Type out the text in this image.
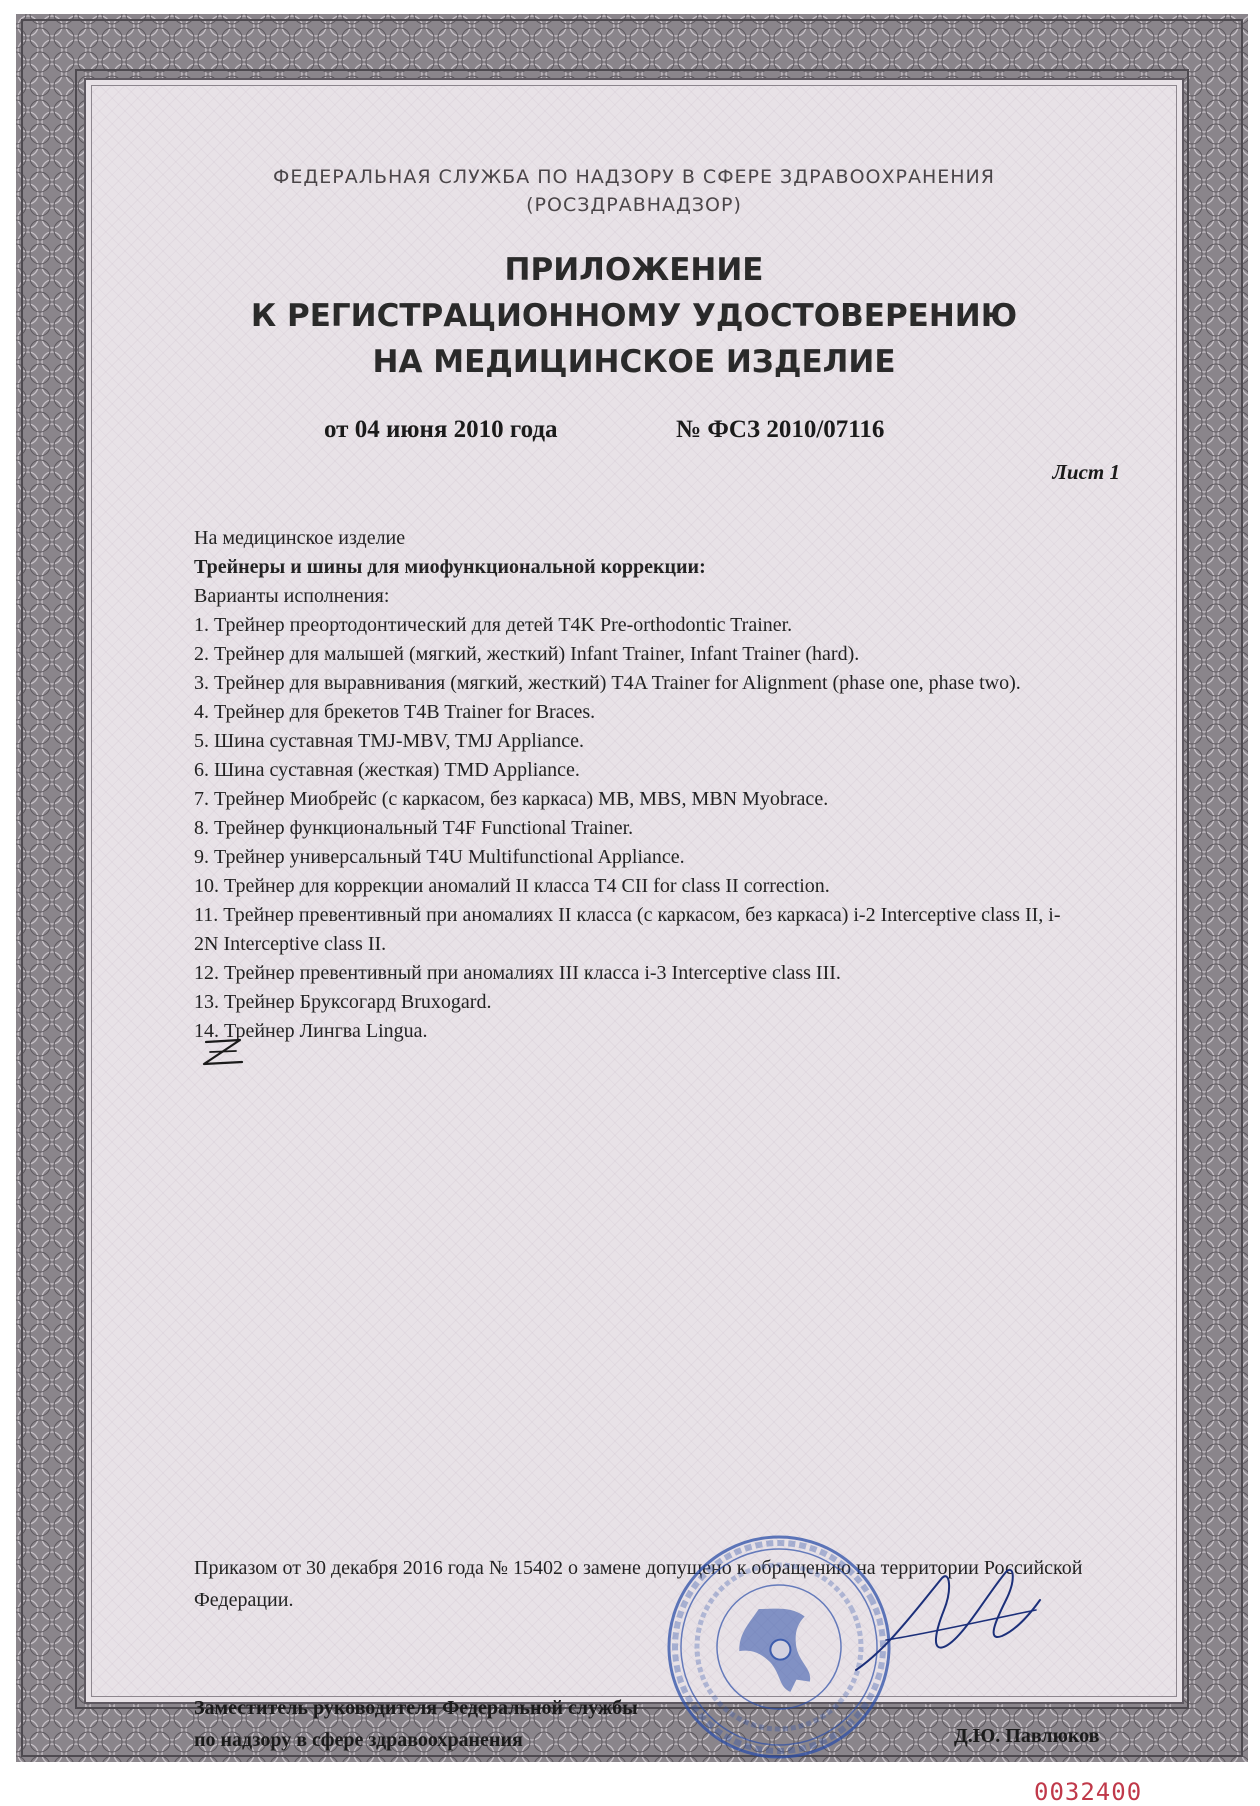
ФЕДЕРАЛЬНАЯ СЛУЖБА ПО НАДЗОРУ В СФЕРЕ ЗДРАВООХРАНЕНИЯ
(РОСЗДРАВНАДЗОР)
ПРИЛОЖЕНИЕ
К РЕГИСТРАЦИОННОМУ УДОСТОВЕРЕНИЮ
НА МЕДИЦИНСКОЕ ИЗДЕЛИЕ
от 04 июня 2010 года	№ ФСЗ 2010/07116
Лист 1
На медицинское изделие
Трейнеры и шины для миофункциональной коррекции:
Варианты исполнения:
1. Трейнер преортодонтический для детей T4K Pre-orthodontic Trainer.
2. Трейнер для малышей (мягкий, жесткий) Infant Trainer, Infant Trainer (hard).
3. Трейнер для выравнивания (мягкий, жесткий) T4A Trainer for Alignment (phase one, phase two).
4. Трейнер для брекетов T4B Trainer for Braces.
5. Шина суставная TMJ-MBV, TMJ Appliance.
6. Шина суставная (жесткая) TMD Appliance.
7. Трейнер Миобрейс (с каркасом, без каркаса) MB, MBS, MBN Myobrace.
8. Трейнер функциональный T4F Functional Trainer.
9. Трейнер универсальный T4U Multifunctional Appliance.
10. Трейнер для коррекции аномалий II класса T4 CII for class II correction.
11. Трейнер превентивный при аномалиях II класса (с каркасом, без каркаса) i-2 Interceptive class II, i-2N Interceptive class II.
12. Трейнер превентивный при аномалиях III класса i-3 Interceptive class III.
13. Трейнер Бруксогард Bruxogard.
14. Трейнер Лингва Lingua.
Приказом от 30 декабря 2016 года № 15402 о замене допущено к обращению на территории Российской Федерации.
Заместитель руководителя Федеральной службы
по надзору в сфере здравоохранения	Д.Ю. Павлюков
0032400
